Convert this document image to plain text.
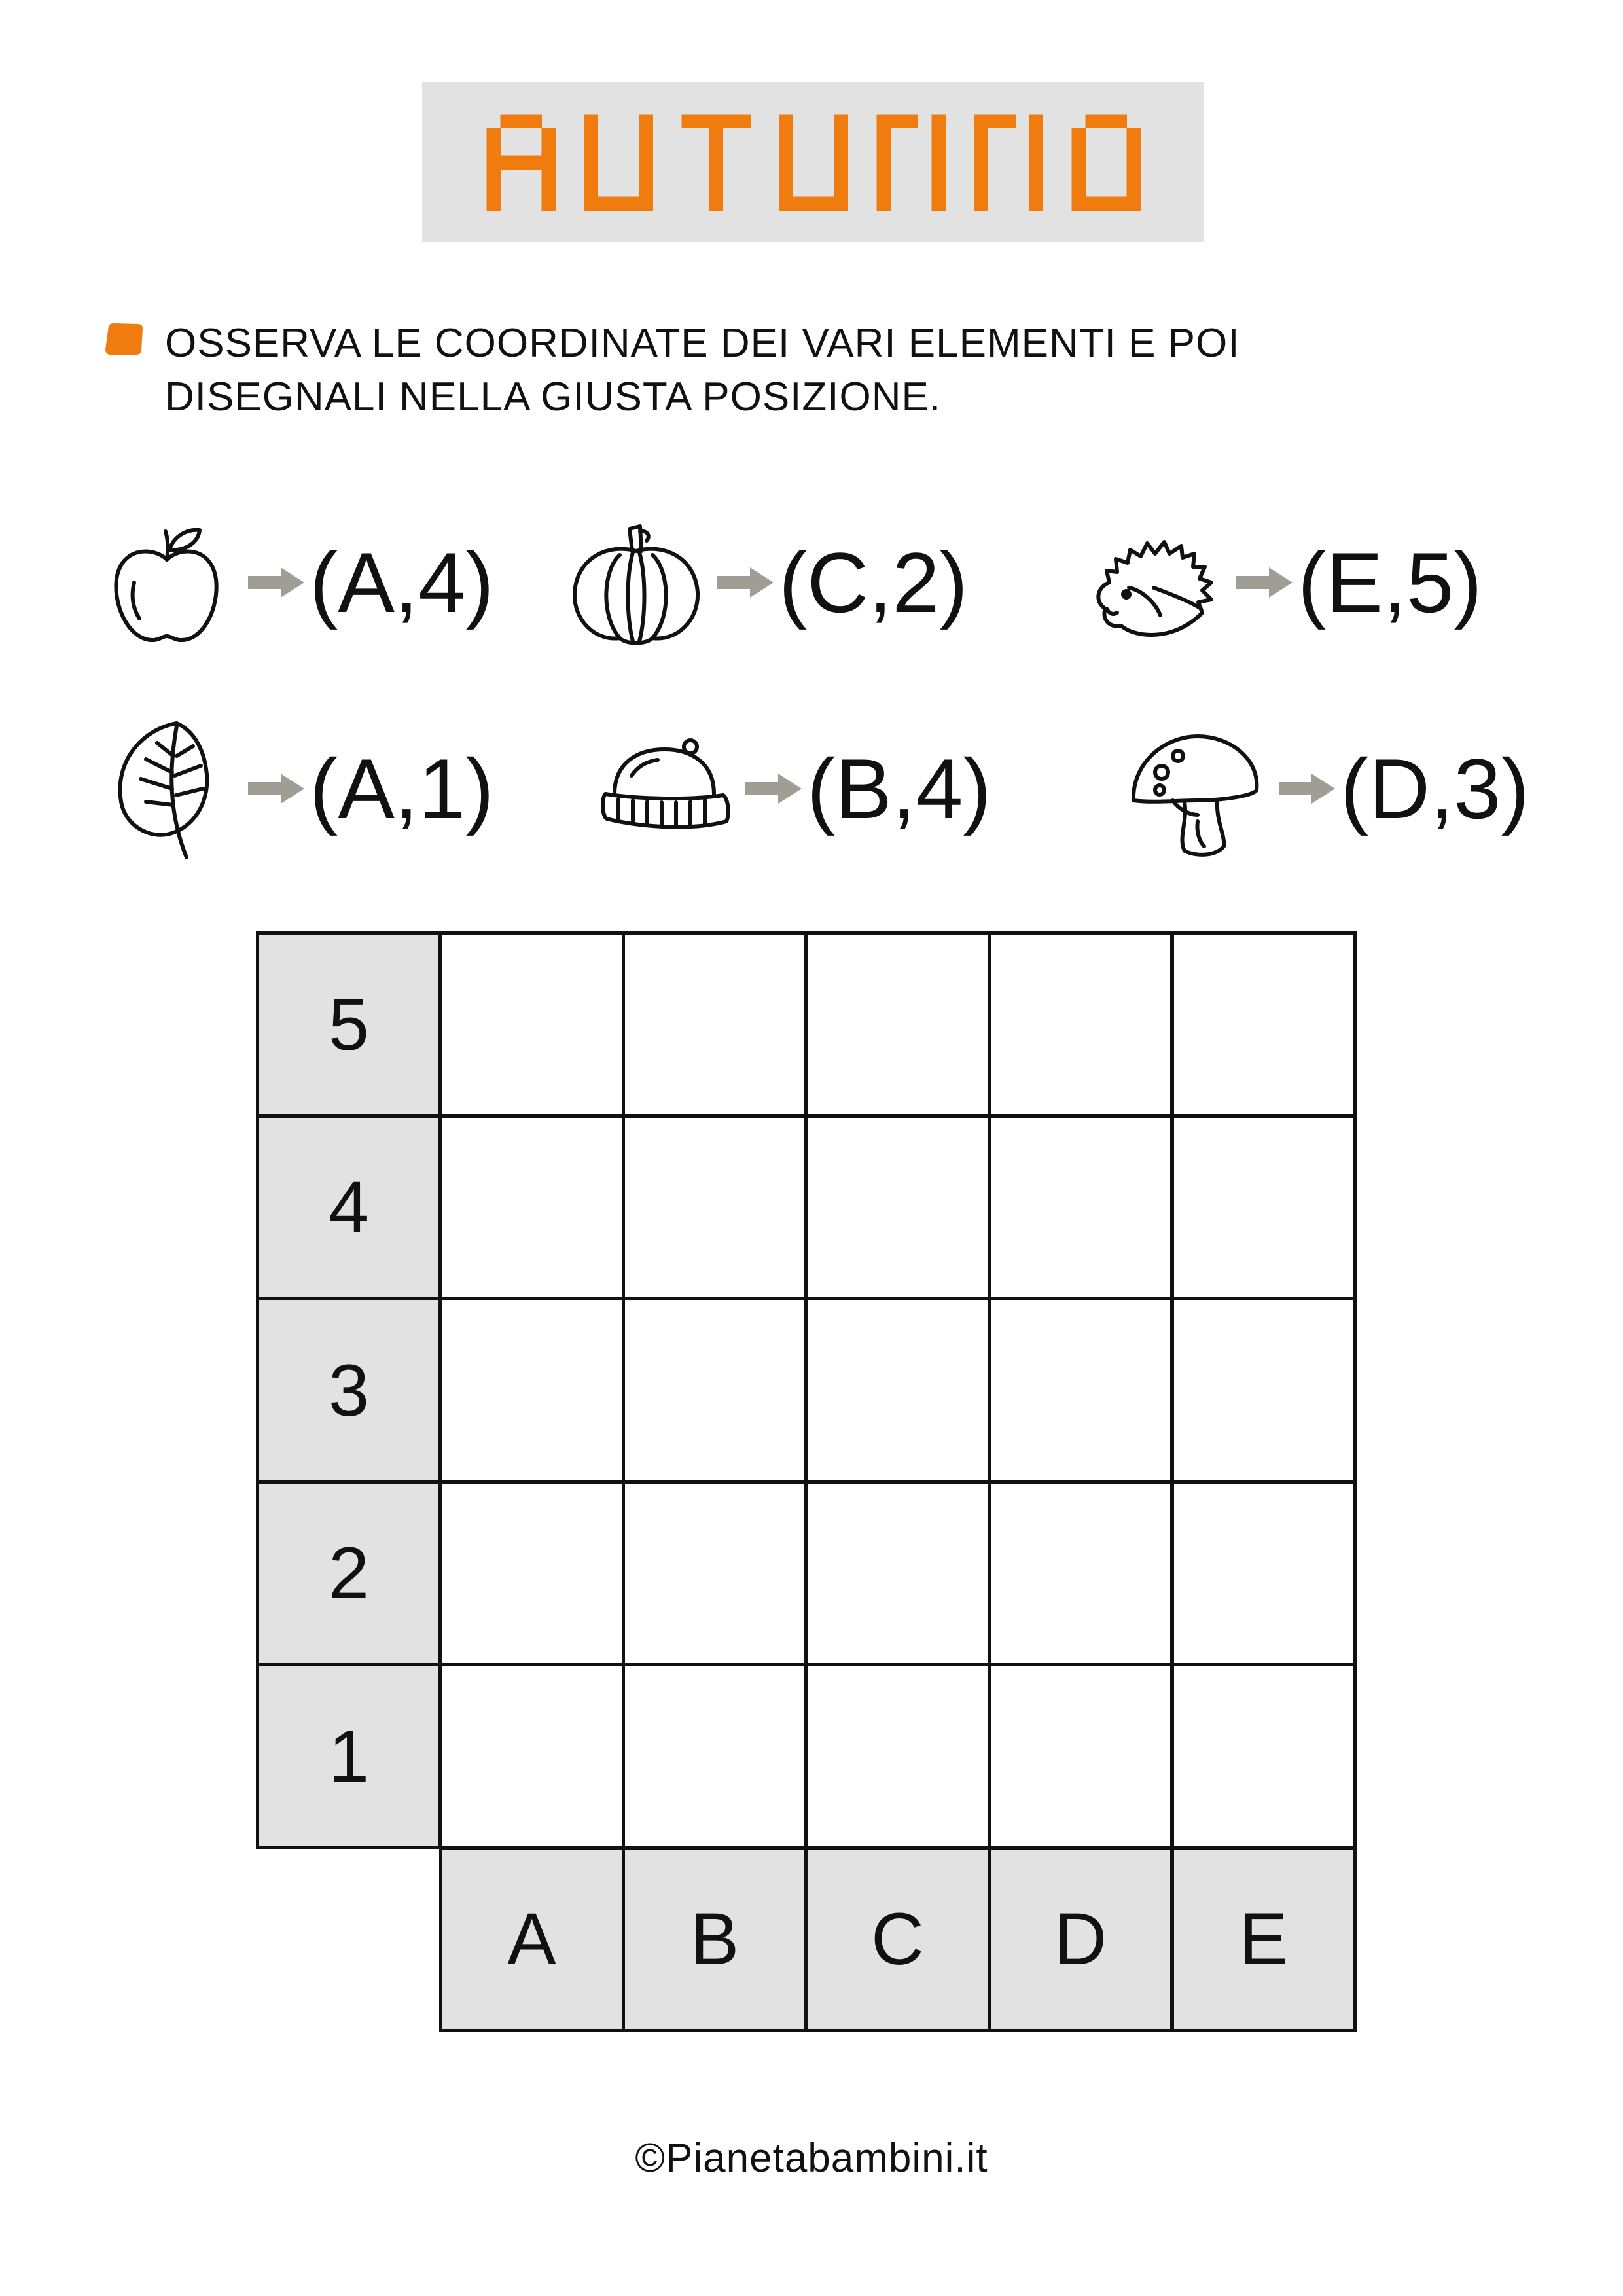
OSSERVA LE COORDINATE DEI VARI ELEMENTI E POI
DISEGNALI NELLA GIUSTA POSIZIONE.
(A,4)	(C,2)	(E,5)
(A,1)	(B,4)	(D,3)
5
4
3
2
1
A	B	C	D	E
©Pianetabambini.it
